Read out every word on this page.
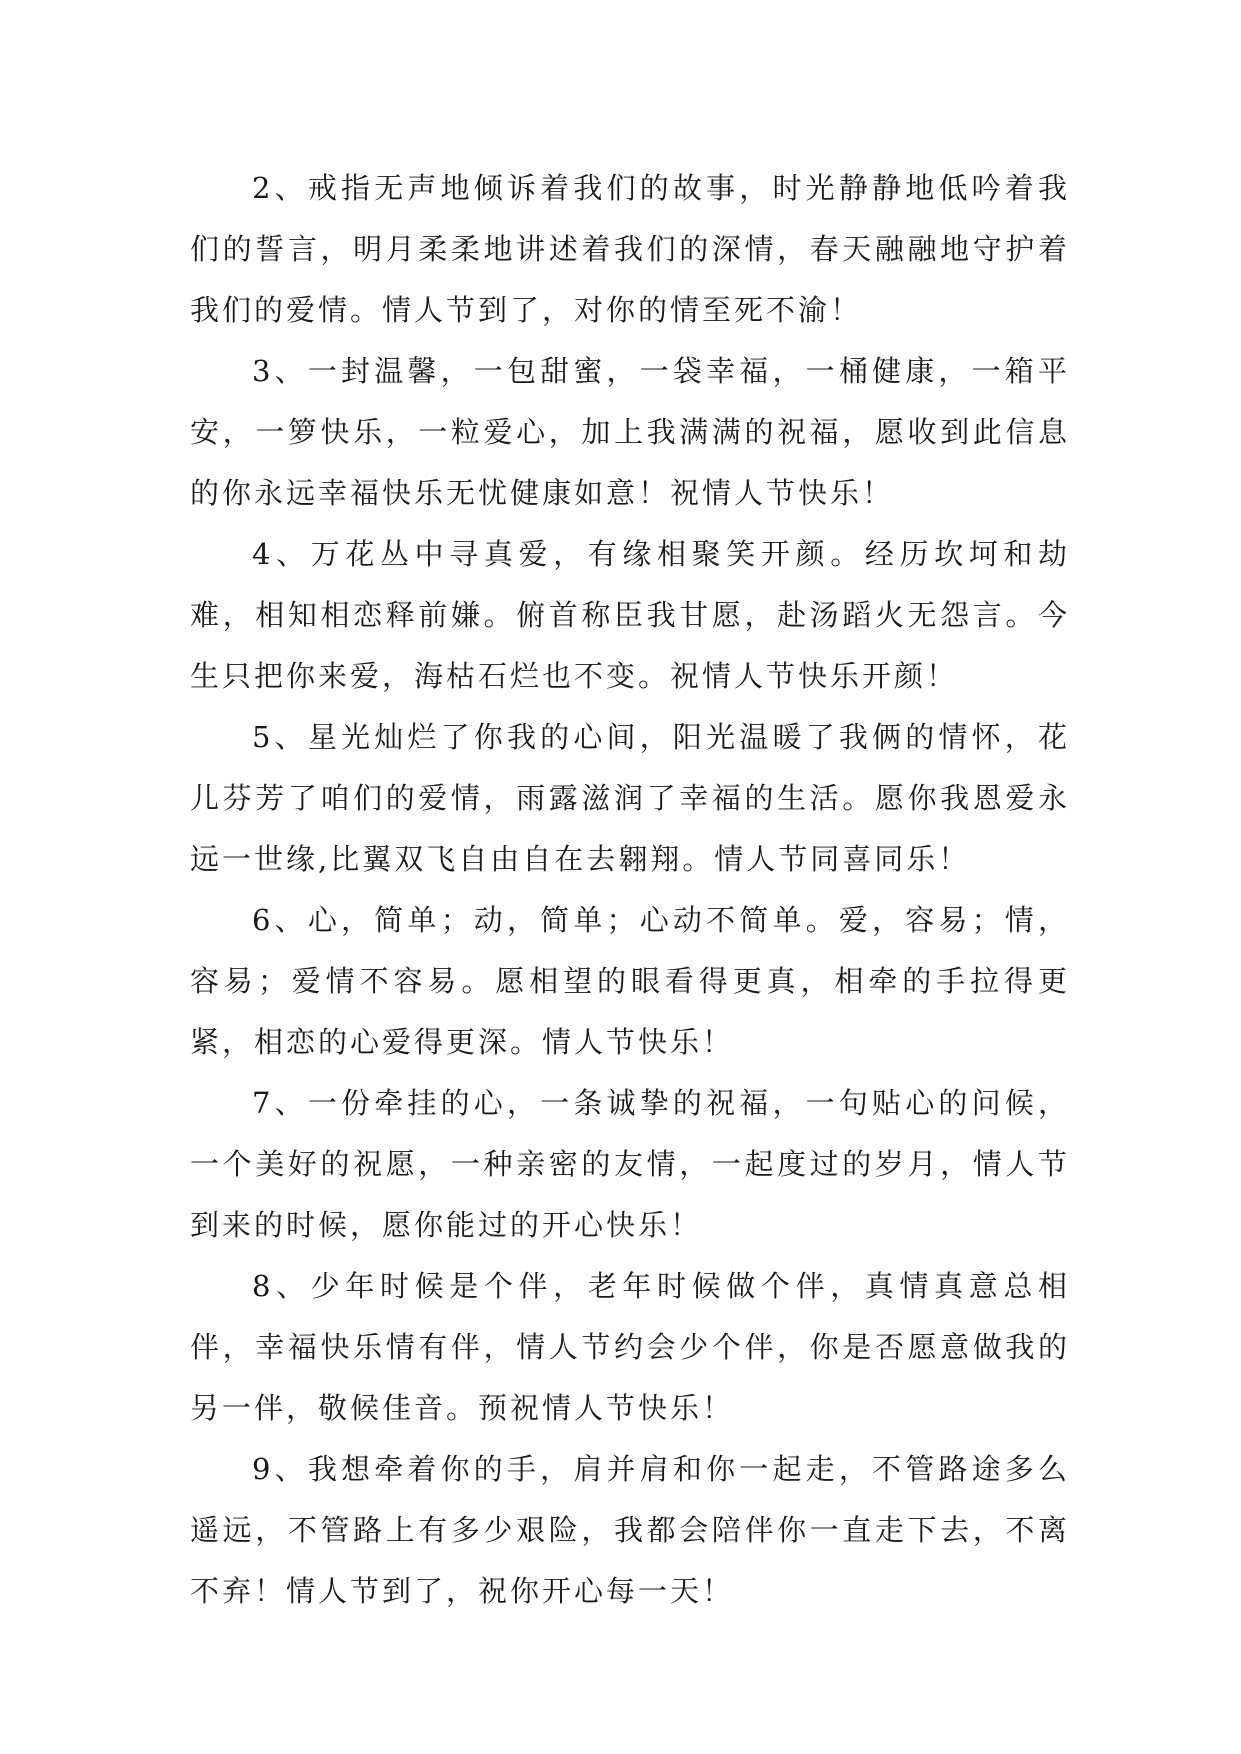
2、戒指无声地倾诉着我们的故事，时光静静地低吟着我们的誓言，明月柔柔地讲述着我们的深情，春天融融地守护着我们的爱情。情人节到了，对你的情至死不渝！

3、一封温馨，一包甜蜜，一袋幸福，一桶健康，一箱平安，一箩快乐，一粒爱心，加上我满满的祝福，愿收到此信息的你永远幸福快乐无忧健康如意！祝情人节快乐！

4、万花丛中寻真爱，有缘相聚笑开颜。经历坎坷和劫难，相知相恋释前嫌。俯首称臣我甘愿，赴汤蹈火无怨言。今生只把你来爱，海枯石烂也不变。祝情人节快乐开颜！

5、星光灿烂了你我的心间，阳光温暖了我俩的情怀，花儿芬芳了咱们的爱情，雨露滋润了幸福的生活。愿你我恩爱永远一世缘,比翼双飞自由自在去翱翔。情人节同喜同乐！

6、心，简单；动，简单；心动不简单。爱，容易；情，容易；爱情不容易。愿相望的眼看得更真，相牵的手拉得更紧，相恋的心爱得更深。情人节快乐！

7、一份牵挂的心，一条诚挚的祝福，一句贴心的问候，一个美好的祝愿，一种亲密的友情，一起度过的岁月，情人节到来的时候，愿你能过的开心快乐！

8、少年时候是个伴，老年时候做个伴，真情真意总相伴，幸福快乐情有伴，情人节约会少个伴，你是否愿意做我的另一伴，敬候佳音。预祝情人节快乐！

9、我想牵着你的手，肩并肩和你一起走，不管路途多么遥远，不管路上有多少艰险，我都会陪伴你一直走下去，不离不弃！情人节到了，祝你开心每一天！
